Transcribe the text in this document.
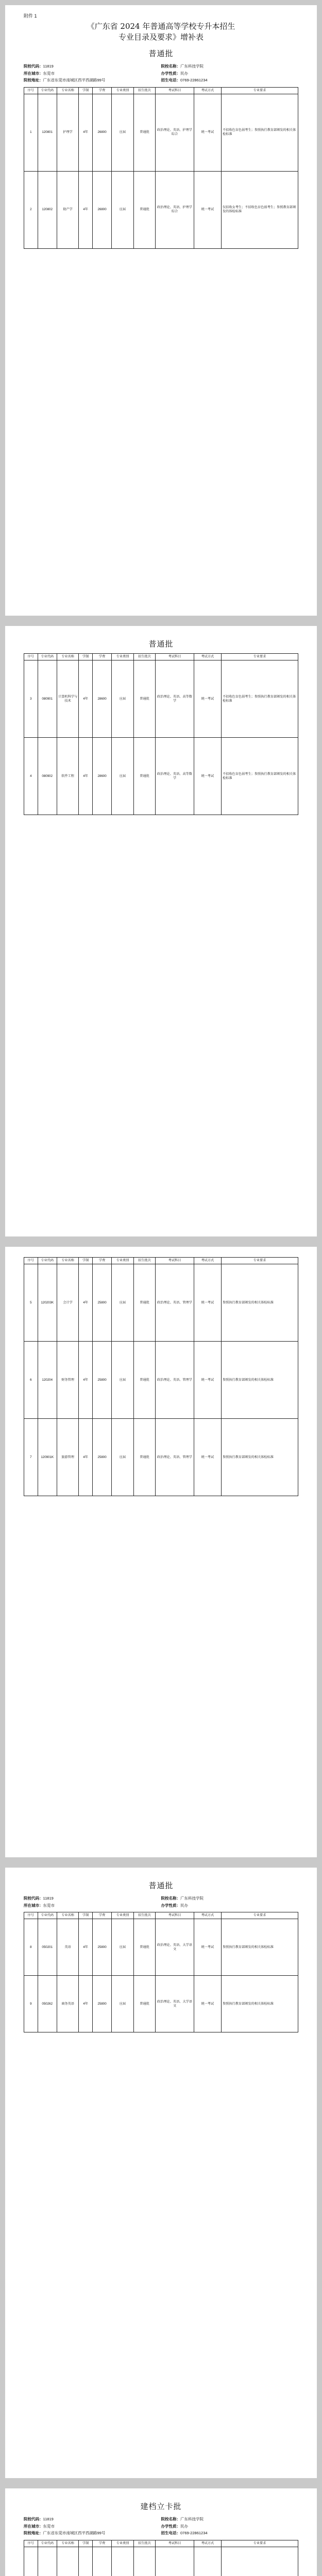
附件 1
《广东省 2024 年普通高等学校专升本招生
专业目录及要求》增补表
普通批
院校代码：11819	院校名称：广东科技学院
所在城市：东莞市	办学性质：民办
院校地址：广东省东莞市南城区西平西湖路99号	招生电话：0769-22861234
序号	专业代码	专业名称	学制	学费	专业类别	招生批次	考试科目	考试方式	专业要求
1	120801	护理学	4年	26800	应届	普通批	政治理论、英语、护理学综合	统一考试	不招收色盲色弱考生；参照执行教育部颁发的相关体检标准
2	120802	助产学	4年	26800	应届	普通批	政治理论、英语、护理学综合	统一考试	仅招收女考生；不招收色盲色弱考生；参照教育部颁发的体检标准
普通批
序号	专业代码	专业名称	学制	学费	专业类别	招生批次	考试科目	考试方式	专业要求
3	080901	计算机科学与技术	4年	28600	应届	普通批	政治理论、英语、高等数学	统一考试	不招收色盲色弱考生；参照执行教育部颁发的相关体检标准
4	080902	软件工程	4年	28600	应届	普通批	政治理论、英语、高等数学	统一考试	不招收色盲色弱考生；参照执行教育部颁发的相关体检标准
序号	专业代码	专业名称	学制	学费	专业类别	招生批次	考试科目	考试方式	专业要求
5	120203K	会计学	4年	25800	应届	普通批	政治理论、英语、管理学	统一考试	参照执行教育部颁发的相关体检标准
6	120204	财务管理	4年	25800	应届	普通批	政治理论、英语、管理学	统一考试	参照执行教育部颁发的相关体检标准
7	120901K	旅游管理	4年	25800	应届	普通批	政治理论、英语、管理学	统一考试	参照执行教育部颁发的相关体检标准
普通批
院校代码：11819	院校名称：广东科技学院
所在城市：东莞市	办学性质：民办
序号	专业代码	专业名称	学制	学费	专业类别	招生批次	考试科目	考试方式	专业要求
8	050201	英语	4年	25800	应届	普通批	政治理论、英语、大学语文	统一考试	参照执行教育部颁发的相关体检标准
9	050262	商务英语	4年	25800	应届	普通批	政治理论、英语、大学语文	统一考试	参照执行教育部颁发的相关体检标准
建档立卡批
院校代码：11819	院校名称：广东科技学院
所在城市：东莞市	办学性质：民办
院校地址：广东省东莞市南城区西平西湖路99号	招生电话：0769-22861234
序号	专业代码	专业名称	学制	学费	专业类别	招生批次	考试科目	考试方式	专业要求
